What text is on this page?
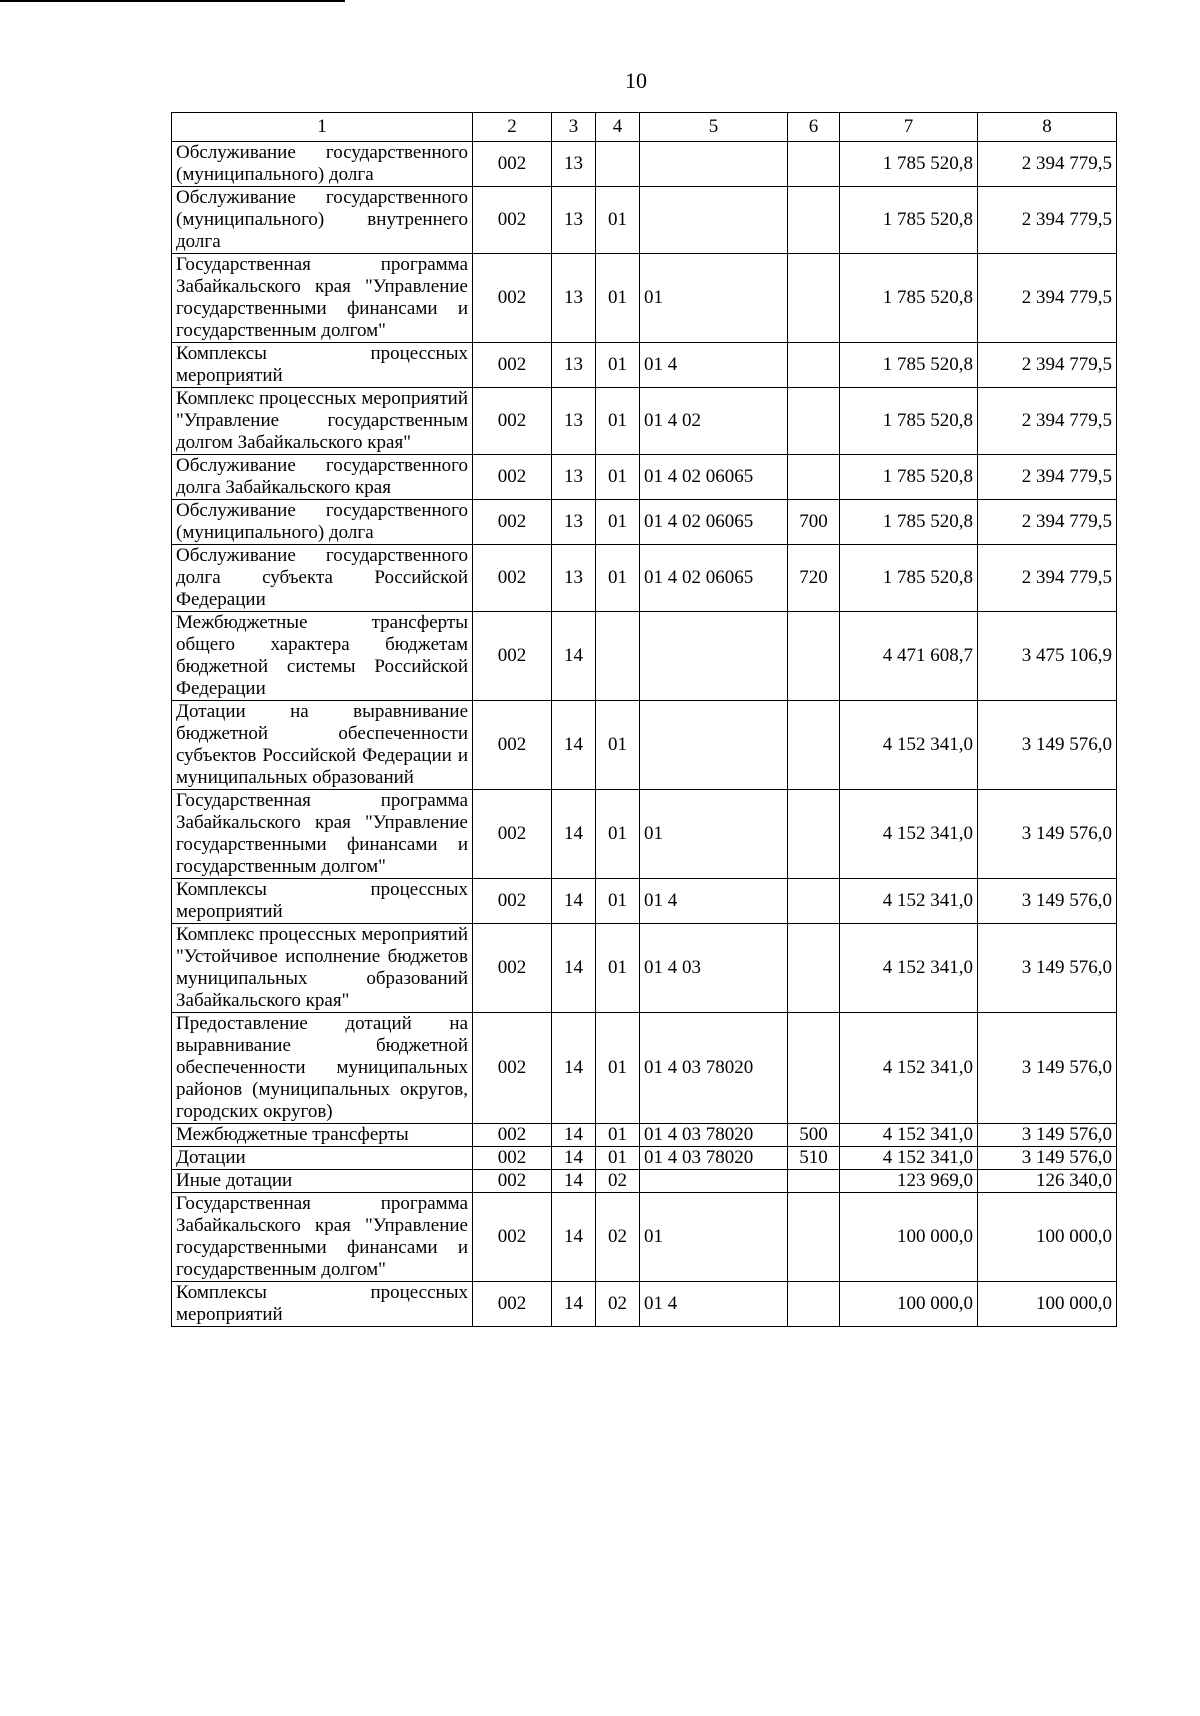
10
1	2	3	4	5	6	7	8
Обслуживание государственного (муниципального) долга	002	13				1 785 520,8	2 394 779,5
Обслуживание государственного (муниципального) внутреннего долга	002	13	01			1 785 520,8	2 394 779,5
Государственная программа Забайкальского края "Управление государственными финансами и государственным долгом"	002	13	01	01		1 785 520,8	2 394 779,5
Комплексы процессных мероприятий	002	13	01	01 4		1 785 520,8	2 394 779,5
Комплекс процессных мероприятий "Управление государственным долгом Забайкальского края"	002	13	01	01 4 02		1 785 520,8	2 394 779,5
Обслуживание государственного долга Забайкальского края	002	13	01	01 4 02 06065		1 785 520,8	2 394 779,5
Обслуживание государственного (муниципального) долга	002	13	01	01 4 02 06065	700	1 785 520,8	2 394 779,5
Обслуживание государственного долга субъекта Российской Федерации	002	13	01	01 4 02 06065	720	1 785 520,8	2 394 779,5
Межбюджетные трансферты общего характера бюджетам бюджетной системы Российской Федерации	002	14				4 471 608,7	3 475 106,9
Дотации на выравнивание бюджетной обеспеченности субъектов Российской Федерации и муниципальных образований	002	14	01			4 152 341,0	3 149 576,0
Государственная программа Забайкальского края "Управление государственными финансами и государственным долгом"	002	14	01	01		4 152 341,0	3 149 576,0
Комплексы процессных мероприятий	002	14	01	01 4		4 152 341,0	3 149 576,0
Комплекс процессных мероприятий "Устойчивое исполнение бюджетов муниципальных образований Забайкальского края"	002	14	01	01 4 03		4 152 341,0	3 149 576,0
Предоставление дотаций на выравнивание бюджетной обеспеченности муниципальных районов (муниципальных округов, городских округов)	002	14	01	01 4 03 78020		4 152 341,0	3 149 576,0
Межбюджетные трансферты	002	14	01	01 4 03 78020	500	4 152 341,0	3 149 576,0
Дотации	002	14	01	01 4 03 78020	510	4 152 341,0	3 149 576,0
Иные дотации	002	14	02			123 969,0	126 340,0
Государственная программа Забайкальского края "Управление государственными финансами и государственным долгом"	002	14	02	01		100 000,0	100 000,0
Комплексы процессных мероприятий	002	14	02	01 4		100 000,0	100 000,0
